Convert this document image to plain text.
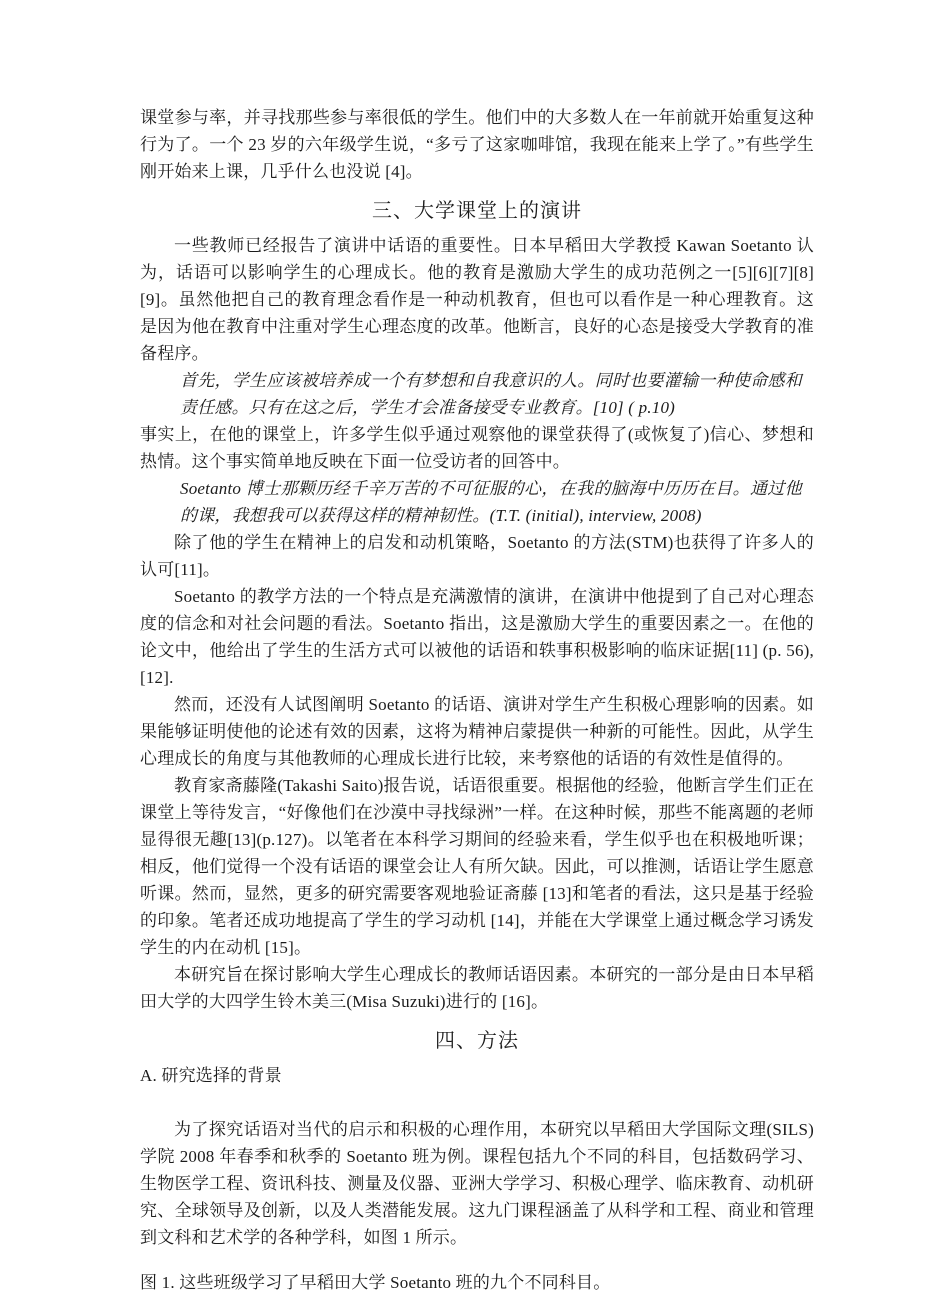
课堂参与率，并寻找那些参与率很低的学生。他们中的大多数人在一年前就开始重复这种行为了。一个 23 岁的六年级学生说，“多亏了这家咖啡馆，我现在能来上学了。”有些学生刚开始来上课，几乎什么也没说 [4]。

三、大学课堂上的演讲

一些教师已经报告了演讲中话语的重要性。日本早稻田大学教授 Kawan Soetanto 认为，话语可以影响学生的心理成长。他的教育是激励大学生的成功范例之一[5][6][7][8][9]。虽然他把自己的教育理念看作是一种动机教育，但也可以看作是一种心理教育。这是因为他在教育中注重对学生心理态度的改革。他断言，良好的心态是接受大学教育的准备程序。

首先，学生应该被培养成一个有梦想和自我意识的人。同时也要灌输一种使命感和责任感。只有在这之后，学生才会准备接受专业教育。[10] ( p.10)

事实上，在他的课堂上，许多学生似乎通过观察他的课堂获得了(或恢复了)信心、梦想和热情。这个事实简单地反映在下面一位受访者的回答中。

Soetanto 博士那颗历经千辛万苦的不可征服的心，在我的脑海中历历在目。通过他的课，我想我可以获得这样的精神韧性。(T.T. (initial), interview, 2008)

除了他的学生在精神上的启发和动机策略，Soetanto 的方法(STM)也获得了许多人的认可[11]。

Soetanto 的教学方法的一个特点是充满激情的演讲，在演讲中他提到了自己对心理态度的信念和对社会问题的看法。Soetanto 指出，这是激励大学生的重要因素之一。在他的论文中，他给出了学生的生活方式可以被他的话语和轶事积极影响的临床证据[11] (p. 56), [12].

然而，还没有人试图阐明 Soetanto 的话语、演讲对学生产生积极心理影响的因素。如果能够证明使他的论述有效的因素，这将为精神启蒙提供一种新的可能性。因此，从学生心理成长的角度与其他教师的心理成长进行比较，来考察他的话语的有效性是值得的。

教育家斋藤隆(Takashi Saito)报告说，话语很重要。根据他的经验，他断言学生们正在课堂上等待发言，“好像他们在沙漠中寻找绿洲”一样。在这种时候，那些不能离题的老师显得很无趣[13](p.127)。以笔者在本科学习期间的经验来看，学生似乎也在积极地听课；相反，他们觉得一个没有话语的课堂会让人有所欠缺。因此，可以推测，话语让学生愿意听课。然而，显然，更多的研究需要客观地验证斋藤 [13]和笔者的看法，这只是基于经验的印象。笔者还成功地提高了学生的学习动机 [14]，并能在大学课堂上通过概念学习诱发学生的内在动机 [15]。

本研究旨在探讨影响大学生心理成长的教师话语因素。本研究的一部分是由日本早稻田大学的大四学生铃木美三(Misa Suzuki)进行的 [16]。

四、方法

A. 研究选择的背景

为了探究话语对当代的启示和积极的心理作用，本研究以早稻田大学国际文理(SILS)学院 2008 年春季和秋季的 Soetanto 班为例。课程包括九个不同的科目，包括数码学习、生物医学工程、资讯科技、测量及仪器、亚洲大学学习、积极心理学、临床教育、动机研究、全球领导及创新，以及人类潜能发展。这九门课程涵盖了从科学和工程、商业和管理到文科和艺术学的各种学科，如图 1 所示。

图 1. 这些班级学习了早稻田大学 Soetanto 班的九个不同科目。
